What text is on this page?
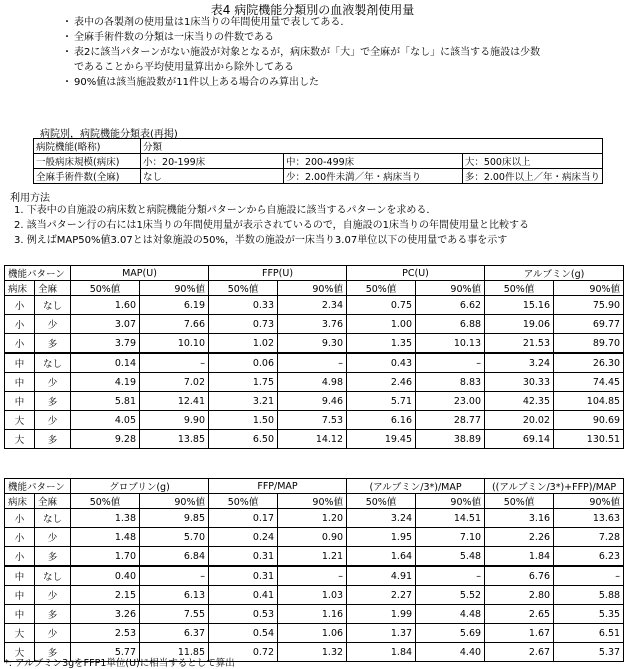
表4 病院機能分類別の血液製剤使用量
・ 表中の各製剤の使用量は1床当りの年間使用量で表してある．
・ 全麻手術件数の分類は一床当りの件数である
・ 表2に該当パターンがない施設が対象となるが，病床数が「大」で全麻が「なし」に該当する施設は少数
であることから平均使用量算出から除外してある
・ 90%値は該当施設数が11件以上ある場合のみ算出した
病院別，病院機能分類表(再掲)
病院機能(略称)	分類		
一般病床規模(病床)	小：20-199床	中：200-499床	大：500床以上
全麻手術件数(全麻)	なし	少：2.00件未満／年・病床当り	多：2.00件以上／年・病床当り
利用方法
1. 下表中の自施設の病床数と病院機能分類パターンから自施設に該当するパターンを求める．
2. 該当パターン行の右には1床当りの年間使用量が表示されているので，自施設の1床当りの年間使用量と比較する
3. 例えばMAP50%値3.07とは対象施設の50%，半数の施設が一床当り3.07単位以下の使用量である事を示す
機能パターン		MAP(U)		FFP(U)		PC(U)		アルブミン(g)	
病床	全麻	50%値	90%値	50%値	90%値	50%値	90%値	50%値	90%値
小	なし	1.60	6.19	0.33	2.34	0.75	6.62	15.16	75.90
小	少	3.07	7.66	0.73	3.76	1.00	6.88	19.06	69.77
小	多	3.79	10.10	1.02	9.30	1.35	10.13	21.53	89.70
中	なし	0.14	–	0.06	–	0.43	–	3.24	26.30
中	少	4.19	7.02	1.75	4.98	2.46	8.83	30.33	74.45
中	多	5.81	12.41	3.21	9.46	5.71	23.00	42.35	104.85
大	少	4.05	9.90	1.50	7.53	6.16	28.77	20.02	90.69
大	多	9.28	13.85	6.50	14.12	19.45	38.89	69.14	130.51
機能パターン		グロブリン(g)		FFP/MAP		(アルブミン/3*)/MAP		((アルブミン/3*)+FFP)/MAP	
病床	全麻	50%値	90%値	50%値	90%値	50%値	90%値	50%値	90%値
小	なし	1.38	9.85	0.17	1.20	3.24	14.51	3.16	13.63
小	少	1.48	5.70	0.24	0.90	1.95	7.10	2.26	7.28
小	多	1.70	6.84	0.31	1.21	1.64	5.48	1.84	6.23
中	なし	0.40	–	0.31	–	4.91	–	6.76	–
中	少	2.15	6.13	0.41	1.03	2.27	5.52	2.80	5.88
中	多	3.26	7.55	0.53	1.16	1.99	4.48	2.65	5.35
大	少	2.53	6.37	0.54	1.06	1.37	5.69	1.67	6.51
大	多	5.77	11.85	0.72	1.32	1.84	4.40	2.67	5.37
*: アルブミン3gをFFP1単位(U)に相当するとして算出
